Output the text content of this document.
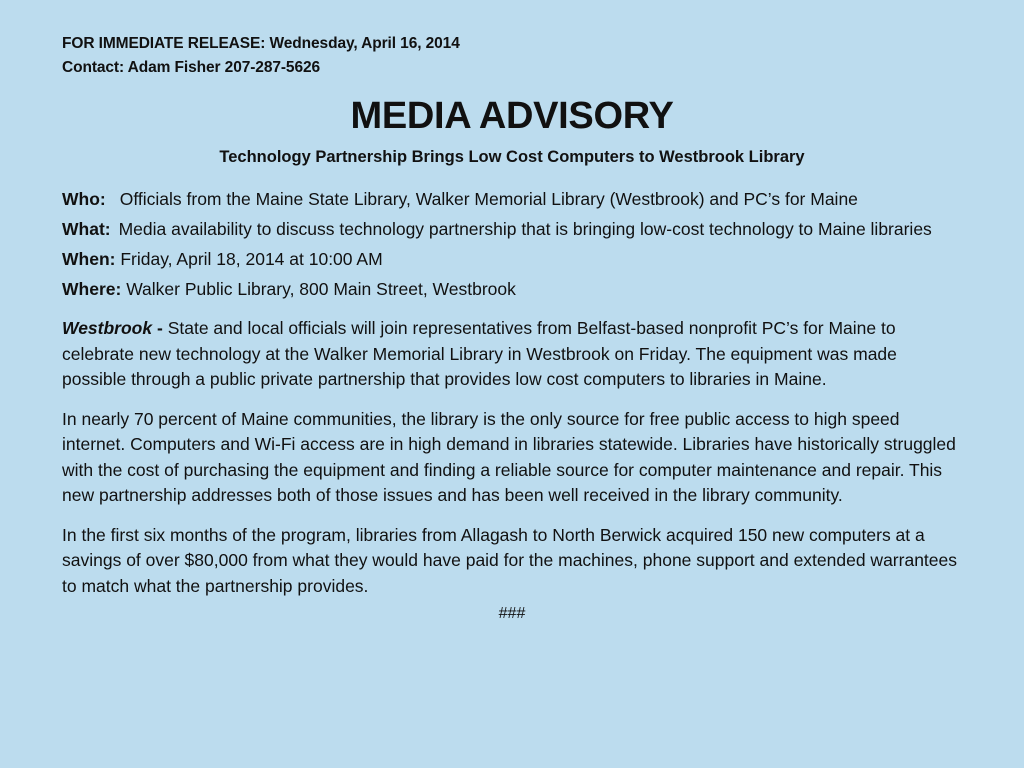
FOR IMMEDIATE RELEASE: Wednesday, April 16, 2014
Contact: Adam Fisher 207-287-5626
MEDIA ADVISORY
Technology Partnership Brings Low Cost Computers to Westbrook Library
Who: Officials from the Maine State Library, Walker Memorial Library (Westbrook) and PC’s for Maine
What: Media availability to discuss technology partnership that is bringing low-cost technology to Maine libraries
When: Friday, April 18, 2014 at 10:00 AM
Where: Walker Public Library, 800 Main Street, Westbrook
Westbrook - State and local officials will join representatives from Belfast-based nonprofit PC’s for Maine to celebrate new technology at the Walker Memorial Library in Westbrook on Friday. The equipment was made possible through a public private partnership that provides low cost computers to libraries in Maine.
In nearly 70 percent of Maine communities, the library is the only source for free public access to high speed internet. Computers and Wi-Fi access are in high demand in libraries statewide. Libraries have historically struggled with the cost of purchasing the equipment and finding a reliable source for computer maintenance and repair. This new partnership addresses both of those issues and has been well received in the library community.
In the first six months of the program, libraries from Allagash to North Berwick acquired 150 new computers at a savings of over $80,000 from what they would have paid for the machines, phone support and extended warrantees to match what the partnership provides.
###
